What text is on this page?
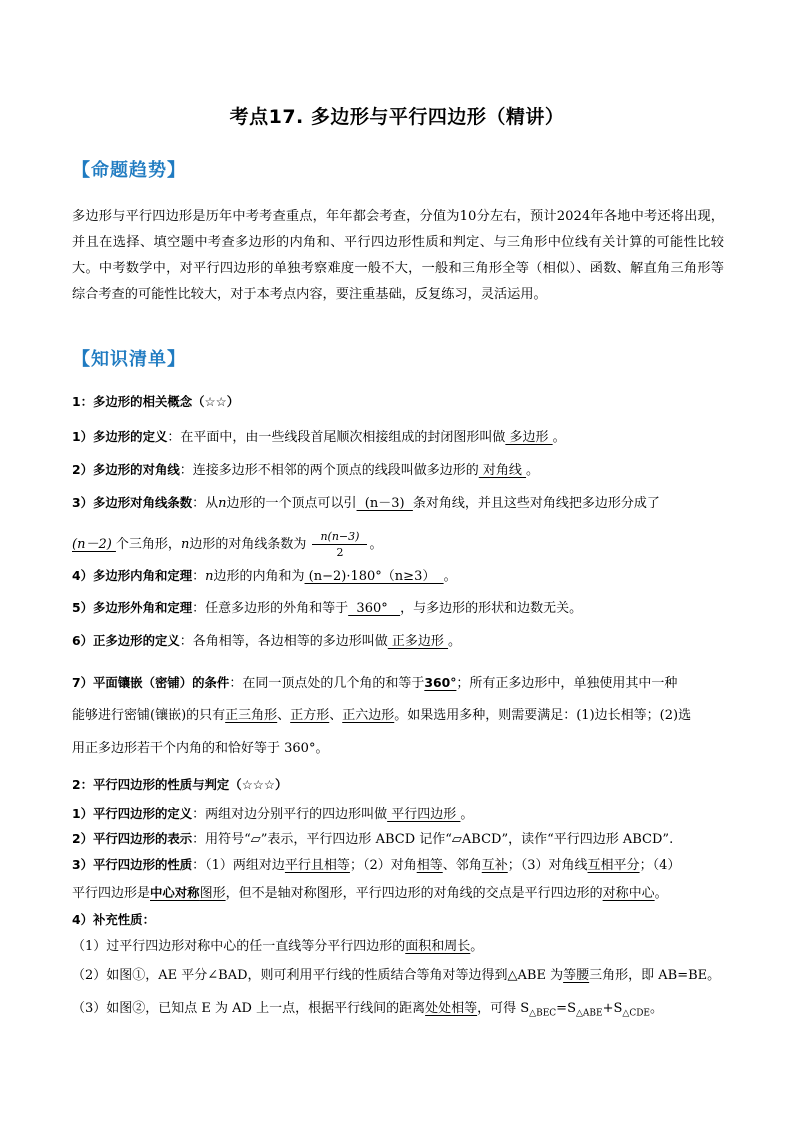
考点17. 多边形与平行四边形（精讲）
【命题趋势】
多边形与平行四边形是历年中考考查重点，年年都会考查，分值为10分左右，预计2024年各地中考还将出现，并且在选择、填空题中考查多边形的内角和、平行四边形性质和判定、与三角形中位线有关计算的可能性比较大。中考数学中，对平行四边形的单独考察难度一般不大，一般和三角形全等（相似）、函数、解直角三角形等综合考查的可能性比较大，对于本考点内容，要注重基础，反复练习，灵活运用。
【知识清单】
1：多边形的相关概念（☆☆）
1）多边形的定义：在平面中，由一些线段首尾顺次相接组成的封闭图形叫做 多边形 。
2）多边形的对角线：连接多边形不相邻的两个顶点的线段叫做多边形的 对角线 。
3）多边形对角线条数：从n边形的一个顶点可以引  (n－3)  条对角线，并且这些对角线把多边形分成了
(n－2) 个三角形，n边形的对角线条数为 $\frac{n(n-3)}{2}$ 。
4）多边形内角和定理：n边形的内角和为 (n−2)·180°（n≥3）  。
5）多边形外角和定理：任意多边形的外角和等于  360°   ，与多边形的形状和边数无关。
6）正多边形的定义：各角相等，各边相等的多边形叫做 正多边形 。
7）平面镶嵌（密铺）的条件：在同一顶点处的几个角的和等于360°；所有正多边形中，单独使用其中一种
能够进行密铺(镶嵌)的只有正三角形、正方形、正六边形。如果选用多种，则需要满足：(1)边长相等；(2)选
用正多边形若干个内角的和恰好等于 360°。
2：平行四边形的性质与判定（☆☆☆）
1）平行四边形的定义：两组对边分别平行的四边形叫做 平行四边形 。
2）平行四边形的表示：用符号“▱”表示，平行四边形 ABCD 记作“▱ABCD”，读作“平行四边形 ABCD”.
3）平行四边形的性质：（1）两组对边平行且相等；（2）对角相等、邻角互补；（3）对角线互相平分；（4）
平行四边形是中心对称图形，但不是轴对称图形，平行四边形的对角线的交点是平行四边形的对称中心。
4）补充性质：
（1）过平行四边形对称中心的任一直线等分平行四边形的面积和周长。
（2）如图①，AE 平分∠BAD，则可利用平行线的性质结合等角对等边得到△ABE 为等腰三角形，即 AB=BE。
（3）如图②，已知点 E 为 AD 上一点，根据平行线间的距离处处相等，可得 $S_{\triangle BEC}=S_{\triangle ABE}+S_{\triangle CDE}$。
